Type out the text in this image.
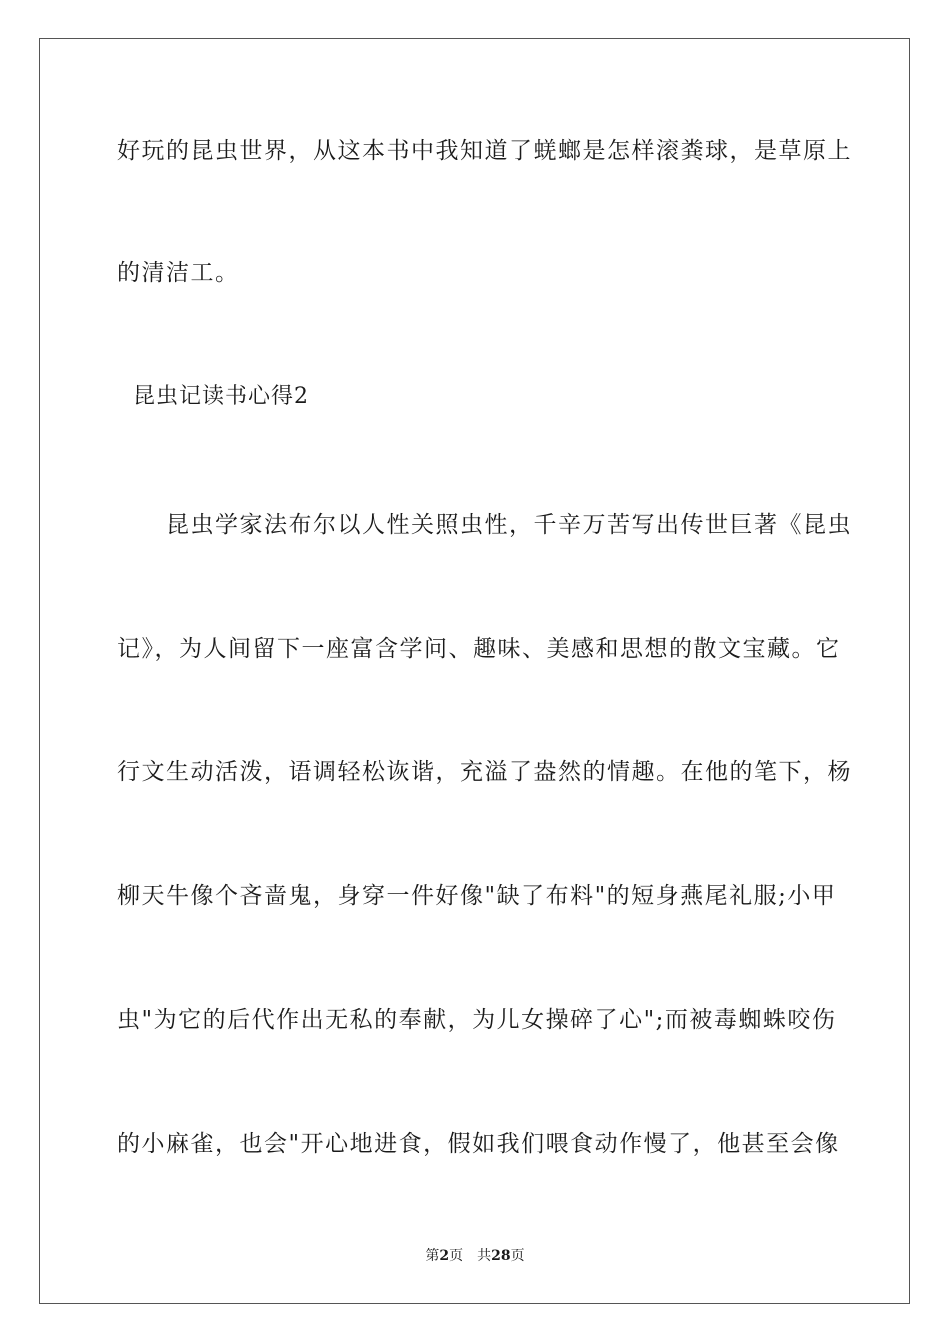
好玩的昆虫世界，从这本书中我知道了蜣螂是怎样滚粪球，是草原上
的清洁工。
昆虫记读书心得2
　　昆虫学家法布尔以人性关照虫性，千辛万苦写出传世巨著《昆虫
记》，为人间留下一座富含学问、趣味、美感和思想的散文宝藏。它
行文生动活泼，语调轻松诙谐，充溢了盎然的情趣。在他的笔下，杨
柳天牛像个吝啬鬼，身穿一件好像"缺了布料"的短身燕尾礼服;小甲
虫"为它的后代作出无私的奉献，为儿女操碎了心";而被毒蜘蛛咬伤
的小麻雀，也会"开心地进食，假如我们喂食动作慢了，他甚至会像
第2页 共28页
